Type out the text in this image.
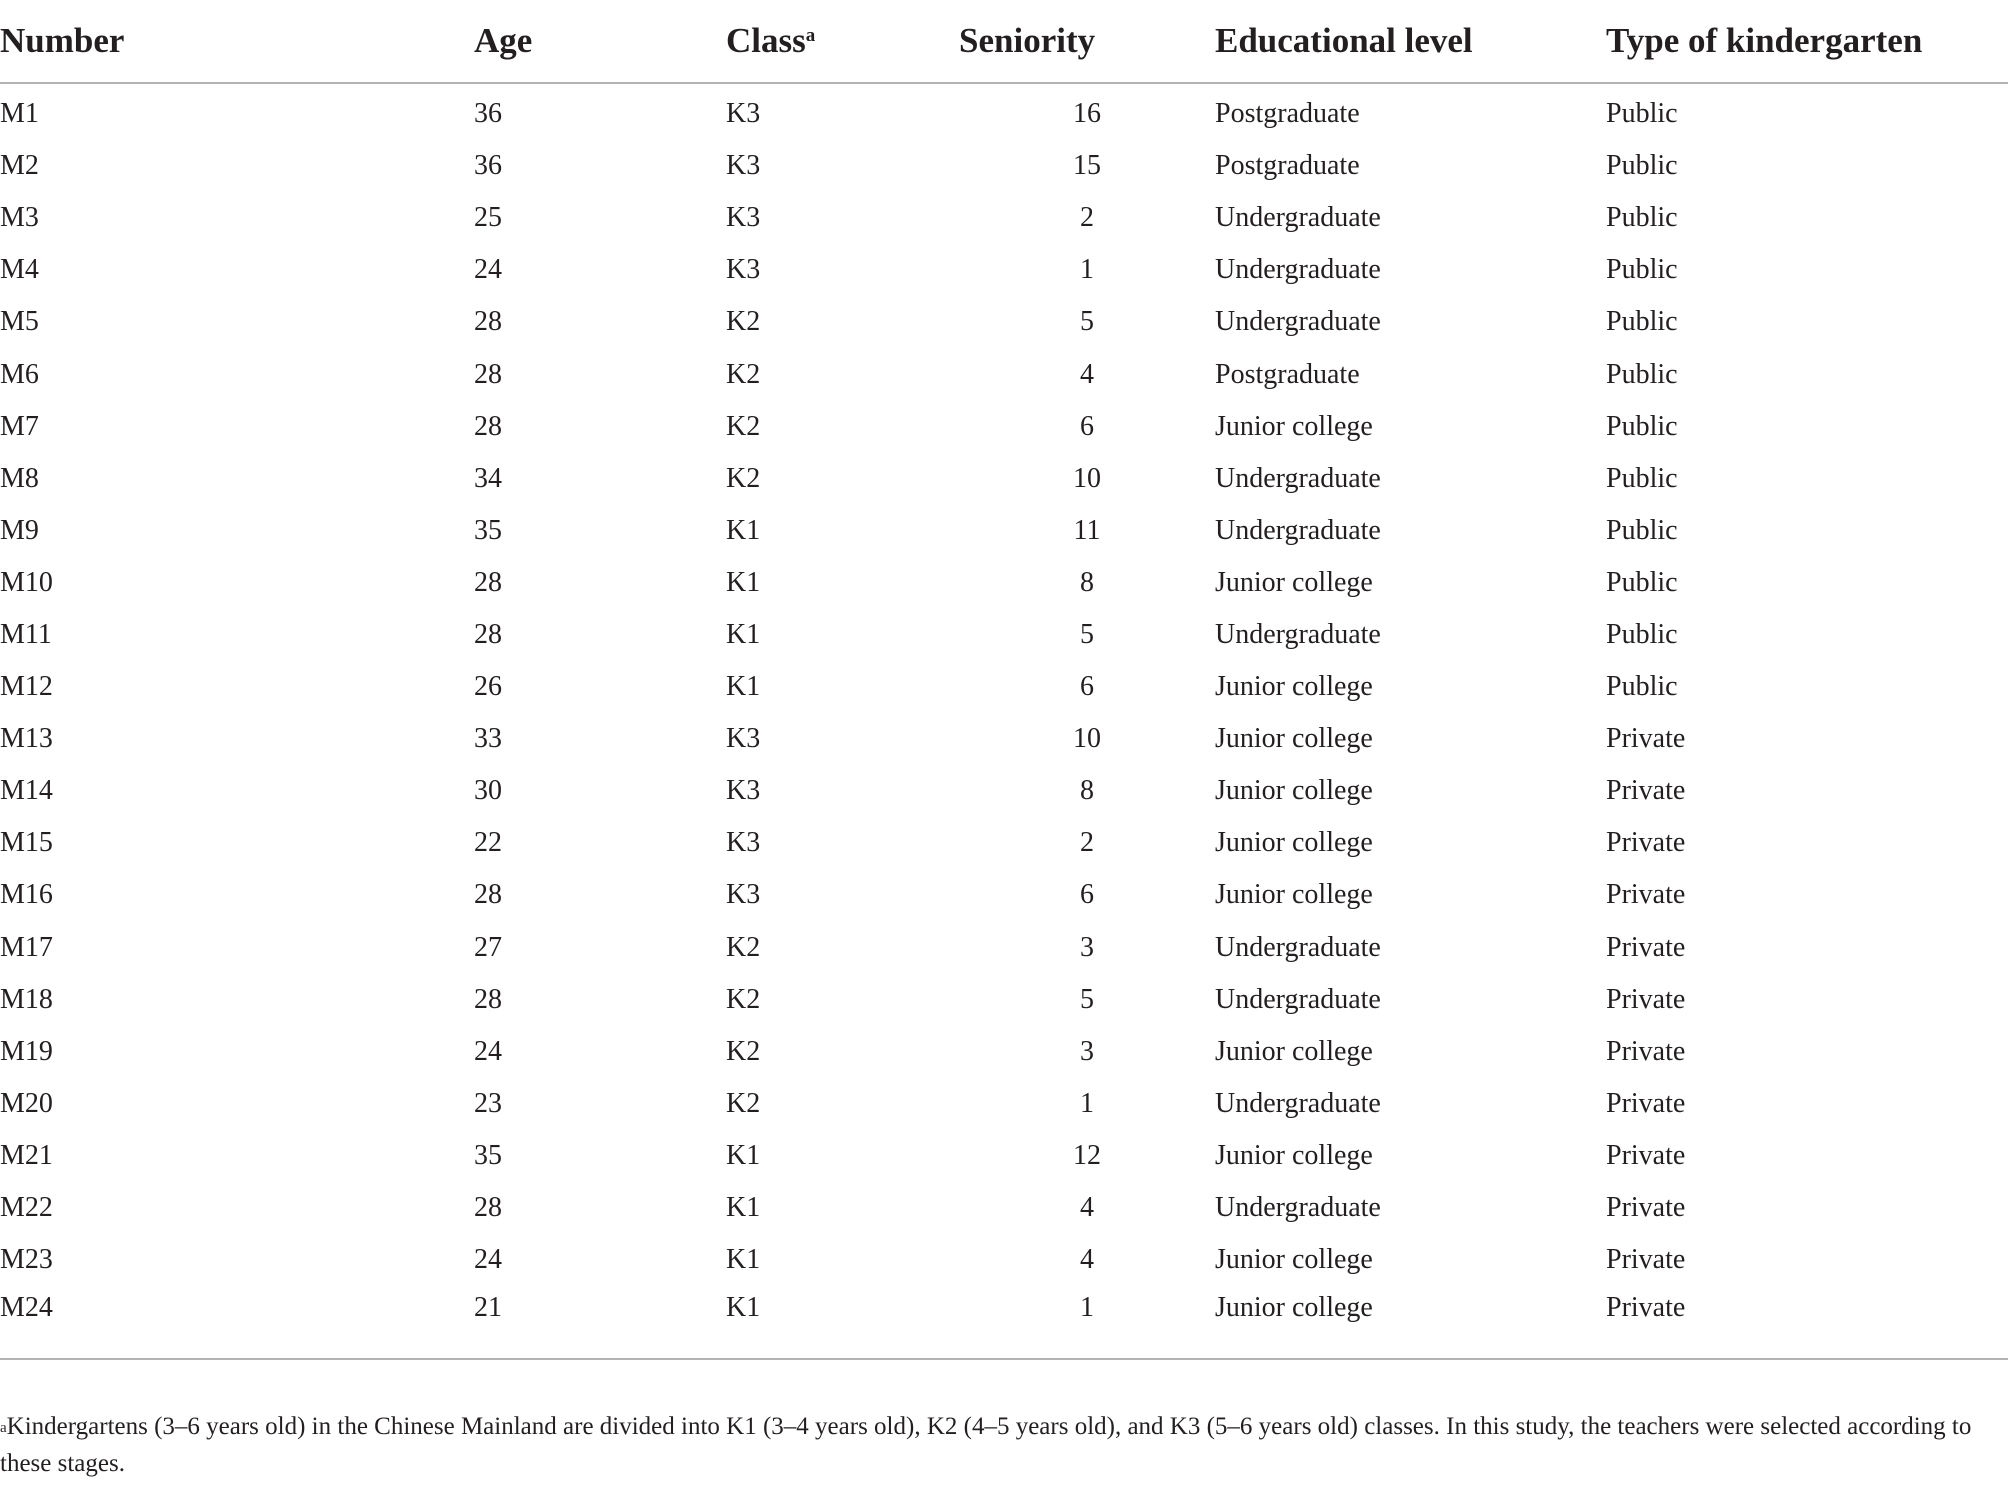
Number	Age	Class$^a$	Seniority	Educational level	Type of kindergarten
M1	36	K3	16	Postgraduate	Public
M2	36	K3	15	Postgraduate	Public
M3	25	K3	2	Undergraduate	Public
M4	24	K3	1	Undergraduate	Public
M5	28	K2	5	Undergraduate	Public
M6	28	K2	4	Postgraduate	Public
M7	28	K2	6	Junior college	Public
M8	34	K2	10	Undergraduate	Public
M9	35	K1	11	Undergraduate	Public
M10	28	K1	8	Junior college	Public
M11	28	K1	5	Undergraduate	Public
M12	26	K1	6	Junior college	Public
M13	33	K3	10	Junior college	Private
M14	30	K3	8	Junior college	Private
M15	22	K3	2	Junior college	Private
M16	28	K3	6	Junior college	Private
M17	27	K2	3	Undergraduate	Private
M18	28	K2	5	Undergraduate	Private
M19	24	K2	3	Junior college	Private
M20	23	K2	1	Undergraduate	Private
M21	35	K1	12	Junior college	Private
M22	28	K1	4	Undergraduate	Private
M23	24	K1	4	Junior college	Private
M24	21	K1	1	Junior college	Private
$^a$Kindergartens (3–6 years old) in the Chinese Mainland are divided into K1 (3–4 years old), K2 (4–5 years old), and K3 (5–6 years old) classes. In this study, the teachers were selected according to these stages.
